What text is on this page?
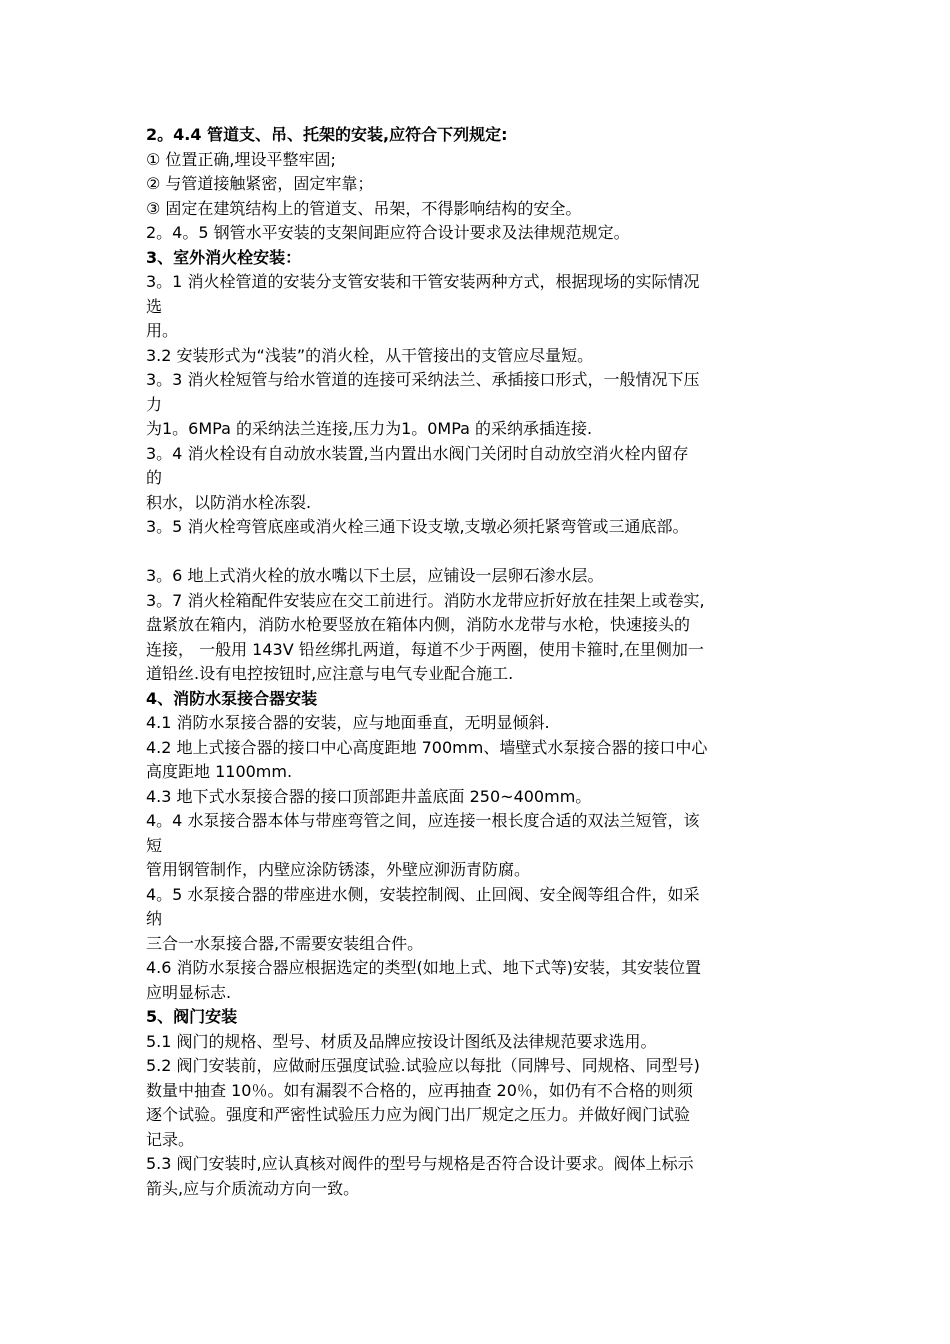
2。4.4 管道支、吊、托架的安装,应符合下列规定:
① 位置正确,埋设平整牢固;
② 与管道接触紧密，固定牢靠；
③ 固定在建筑结构上的管道支、吊架，不得影响结构的安全。
2。4。5 钢管水平安装的支架间距应符合设计要求及法律规范规定。
3、室外消火栓安装：
3。1 消火栓管道的安装分支管安装和干管安装两种方式，根据现场的实际情况
选
用。
3.2 安装形式为“浅装”的消火栓，从干管接出的支管应尽量短。
3。3 消火栓短管与给水管道的连接可采纳法兰、承插接口形式，一般情况下压
力
为1。6MPa 的采纳法兰连接,压力为1。0MPa 的采纳承插连接.
3。4 消火栓设有自动放水装置,当内置出水阀门关闭时自动放空消火栓内留存
的
积水，以防消水栓冻裂.
3。5 消火栓弯管底座或消火栓三通下设支墩,支墩必须托紧弯管或三通底部。
3。6 地上式消火栓的放水嘴以下土层，应铺设一层卵石渗水层。
3。7 消火栓箱配件安装应在交工前进行。消防水龙带应折好放在挂架上或卷实,
盘紧放在箱内，消防水枪要竖放在箱体内侧，消防水龙带与水枪，快速接头的
连接， 一般用 143V 铅丝绑扎两道，每道不少于两圈，使用卡箍时,在里侧加一
道铅丝.设有电控按钮时,应注意与电气专业配合施工.
4、消防水泵接合器安装
4.1 消防水泵接合器的安装，应与地面垂直，无明显倾斜.
4.2 地上式接合器的接口中心高度距地 700mm、墙壁式水泵接合器的接口中心
高度距地 1100mm.
4.3 地下式水泵接合器的接口顶部距井盖底面 250~400mm。
4。4 水泵接合器本体与带座弯管之间，应连接一根长度合适的双法兰短管，该
短
管用钢管制作，内壁应涂防锈漆，外壁应泖沥青防腐。
4。5 水泵接合器的带座进水侧，安装控制阀、止回阀、安全阀等组合件，如采
纳
三合一水泵接合器,不需要安装组合件。
4.6 消防水泵接合器应根据选定的类型(如地上式、地下式等)安装，其安装位置
应明显标志.
5、阀门安装
5.1 阀门的规格、型号、材质及品牌应按设计图纸及法律规范要求选用。
5.2 阀门安装前，应做耐压强度试验.试验应以每批（同牌号、同规格、同型号)
数量中抽查 10％。如有漏裂不合格的，应再抽查 20％，如仍有不合格的则须
逐个试验。强度和严密性试验压力应为阀门出厂规定之压力。并做好阀门试验
记录。
5.3 阀门安装时,应认真核对阀件的型号与规格是否符合设计要求。阀体上标示
箭头,应与介质流动方向一致。
